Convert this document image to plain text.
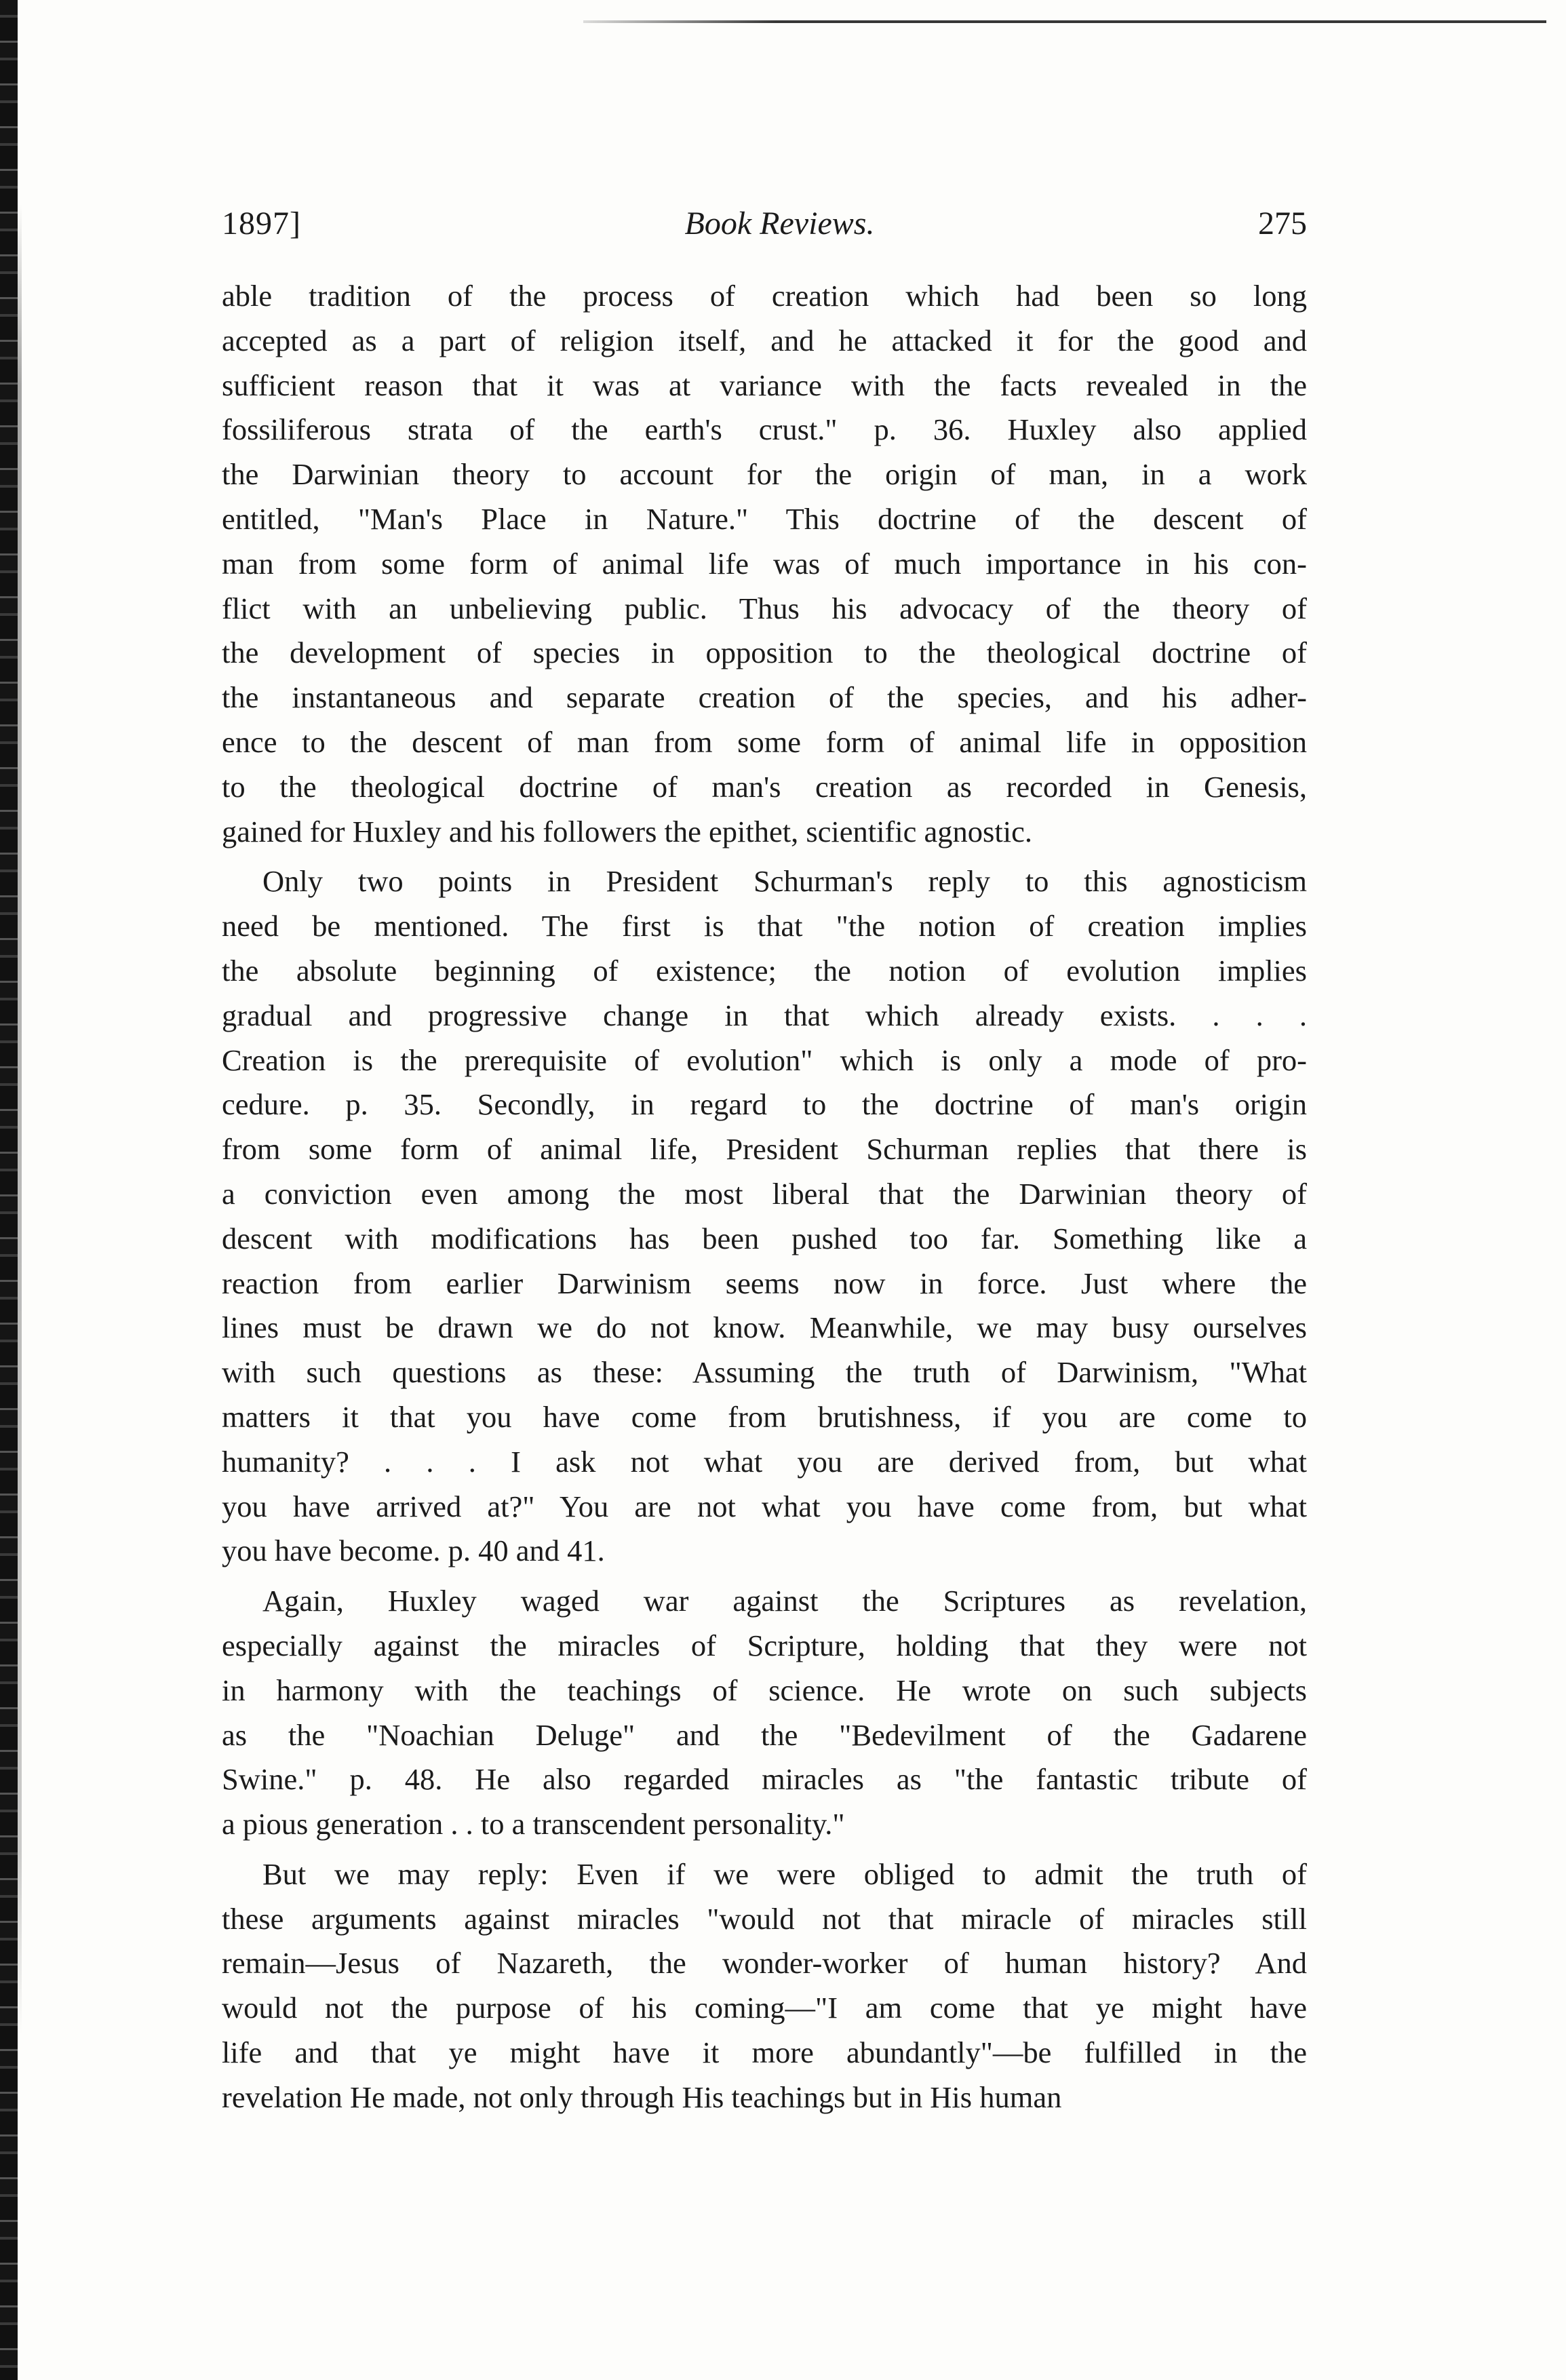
1897]	Book Reviews.	275

able tradition of the process of creation which had been so long
accepted as a part of religion itself, and he attacked it for the good and
sufficient reason that it was at variance with the facts revealed in the
fossiliferous strata of the earth's crust." p. 36. Huxley also applied
the Darwinian theory to account for the origin of man, in a work
entitled, "Man's Place in Nature." This doctrine of the descent of
man from some form of animal life was of much importance in his con-
flict with an unbelieving public. Thus his advocacy of the theory of
the development of species in opposition to the theological doctrine of
the instantaneous and separate creation of the species, and his adher-
ence to the descent of man from some form of animal life in opposition
to the theological doctrine of man's creation as recorded in Genesis,
gained for Huxley and his followers the epithet, scientific agnostic.

Only two points in President Schurman's reply to this agnosticism
need be mentioned. The first is that "the notion of creation implies
the absolute beginning of existence; the notion of evolution implies
gradual and progressive change in that which already exists. . . .
Creation is the prerequisite of evolution" which is only a mode of pro-
cedure. p. 35. Secondly, in regard to the doctrine of man's origin
from some form of animal life, President Schurman replies that there is
a conviction even among the most liberal that the Darwinian theory of
descent with modifications has been pushed too far. Something like a
reaction from earlier Darwinism seems now in force. Just where the
lines must be drawn we do not know. Meanwhile, we may busy ourselves
with such questions as these: Assuming the truth of Darwinism, "What
matters it that you have come from brutishness, if you are come to
humanity? . . . I ask not what you are derived from, but what
you have arrived at?" You are not what you have come from, but what
you have become. p. 40 and 41.

Again, Huxley waged war against the Scriptures as revelation,
especially against the miracles of Scripture, holding that they were not
in harmony with the teachings of science. He wrote on such subjects
as the "Noachian Deluge" and the "Bedevilment of the Gadarene
Swine." p. 48. He also regarded miracles as "the fantastic tribute of
a pious generation . . to a transcendent personality."

But we may reply: Even if we were obliged to admit the truth of
these arguments against miracles "would not that miracle of miracles still
remain—Jesus of Nazareth, the wonder-worker of human history? And
would not the purpose of his coming—"I am come that ye might have
life and that ye might have it more abundantly"—be fulfilled in the
revelation He made, not only through His teachings but in His human
